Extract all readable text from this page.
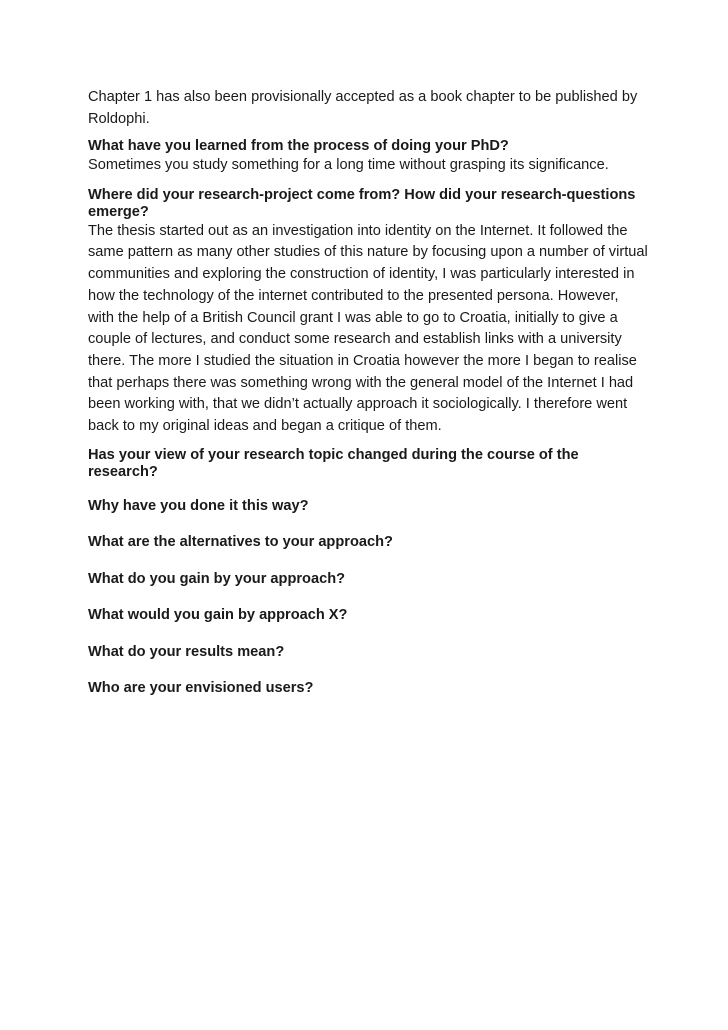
Chapter 1 has also been provisionally accepted as a book chapter to be published by Roldophi.

What have you learned from the process of doing your PhD?

Sometimes you study something for a long time without grasping its significance.

Where did your research-project come from? How did your research-questions emerge?

The thesis started out as an investigation into identity on the Internet. It followed the same pattern as many other studies of this nature by focusing upon a number of virtual communities and exploring the construction of identity, I was particularly interested in how the technology of the internet contributed to the presented persona. However, with the help of a British Council grant I was able to go to Croatia, initially to give a couple of lectures, and conduct some research and establish links with a university there. The more I studied the situation in Croatia however the more I began to realise that perhaps there was something wrong with the general model of the Internet I had been working with, that we didn’t actually approach it sociologically. I therefore went back to my original ideas and began a critique of them.

Has your view of your research topic changed during the course of the research?

Why have you done it this way?

What are the alternatives to your approach?

What do you gain by your approach?

What would you gain by approach X?

What do your results mean?

Who are your envisioned users?
